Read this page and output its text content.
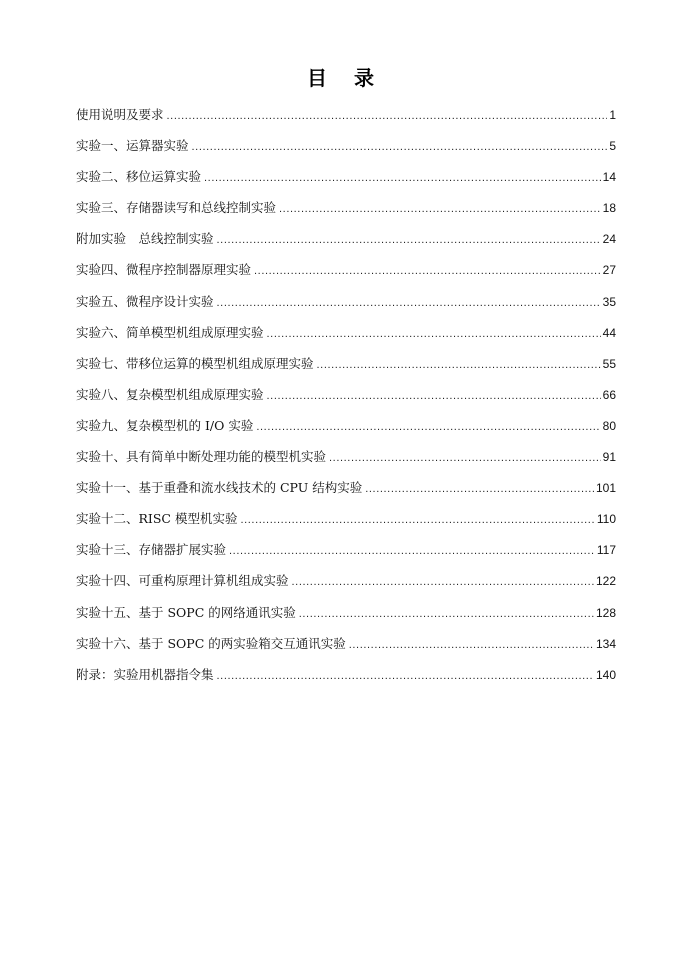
目 录
使用说明及要求 .....	1
实验一、运算器实验 .....	5
实验二、移位运算实验 .....	14
实验三、存储器读写和总线控制实验 .....	18
附加实验　总线控制实验 .....	24
实验四、微程序控制器原理实验 .....	27
实验五、微程序设计实验 .....	35
实验六、简单模型机组成原理实验 .....	44
实验七、带移位运算的模型机组成原理实验 .....	55
实验八、复杂模型机组成原理实验 .....	66
实验九、复杂模型机的 I/O 实验 .....	80
实验十、具有简单中断处理功能的模型机实验 .....	91
实验十一、基于重叠和流水线技术的 CPU 结构实验 .....	101
实验十二、RISC 模型机实验 .....	110
实验十三、存储器扩展实验 .....	117
实验十四、可重构原理计算机组成实验 .....	122
实验十五、基于 SOPC 的网络通讯实验 .....	128
实验十六、基于 SOPC 的两实验箱交互通讯实验 .....	134
附录：实验用机器指令集 .....	140
